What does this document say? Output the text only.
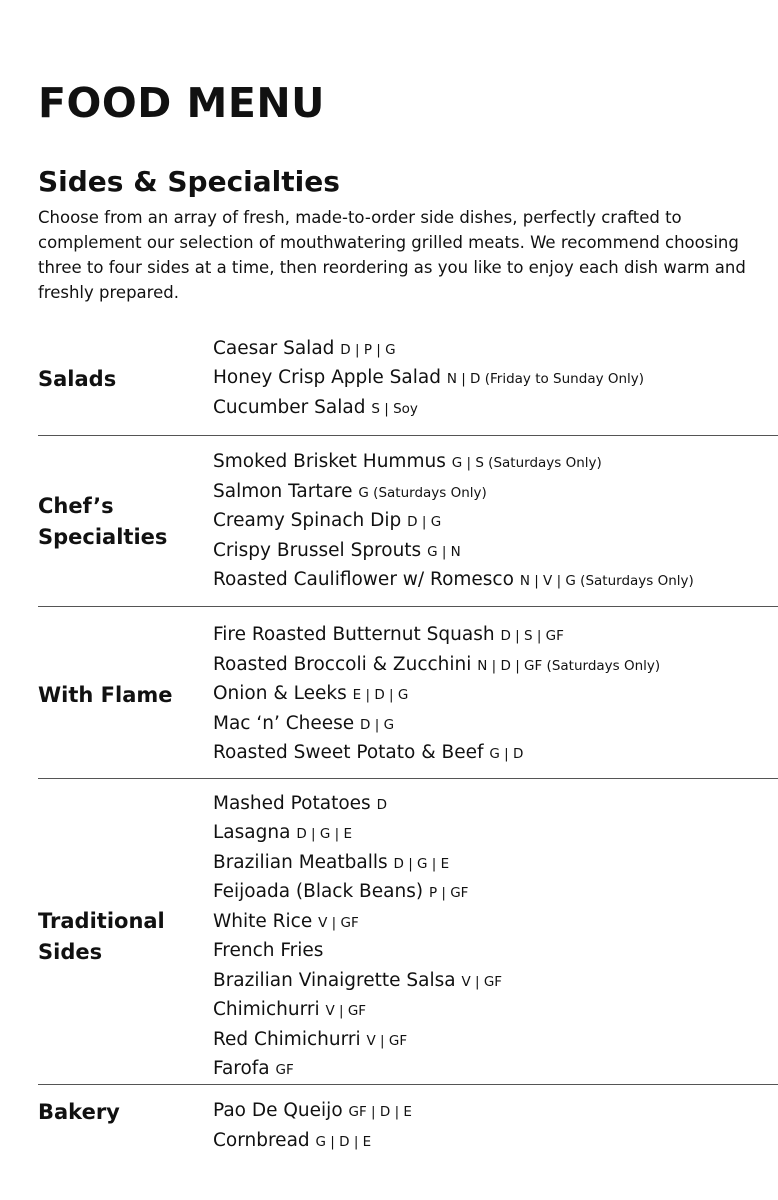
FOOD MENU
Sides & Specialties

Choose from an array of fresh, made-to-order side dishes, perfectly crafted to complement our selection of mouthwatering grilled meats. We recommend choosing three to four sides at a time, then reordering as you like to enjoy each dish warm and freshly prepared.

Salads
Caesar Salad D | P | G
Honey Crisp Apple Salad N | D (Friday to Sunday Only)
Cucumber Salad S | Soy
Chef’s Specialties
Smoked Brisket Hummus G | S (Saturdays Only)
Salmon Tartare G (Saturdays Only)
Creamy Spinach Dip D | G
Crispy Brussel Sprouts G | N
Roasted Cauliflower w/ Romesco N | V | G (Saturdays Only)
With Flame
Fire Roasted Butternut Squash D | S | GF
Roasted Broccoli & Zucchini N | D | GF (Saturdays Only)
Onion & Leeks E | D | G
Mac ‘n’ Cheese D | G
Roasted Sweet Potato & Beef G | D
Traditional Sides
Mashed Potatoes D
Lasagna D | G | E
Brazilian Meatballs D | G | E
Feijoada (Black Beans) P | GF
White Rice V | GF
French Fries
Brazilian Vinaigrette Salsa V | GF
Chimichurri V | GF
Red Chimichurri V | GF
Farofa GF
Bakery	Pao De Queijo GF | D | E
Cornbread G | D | E
